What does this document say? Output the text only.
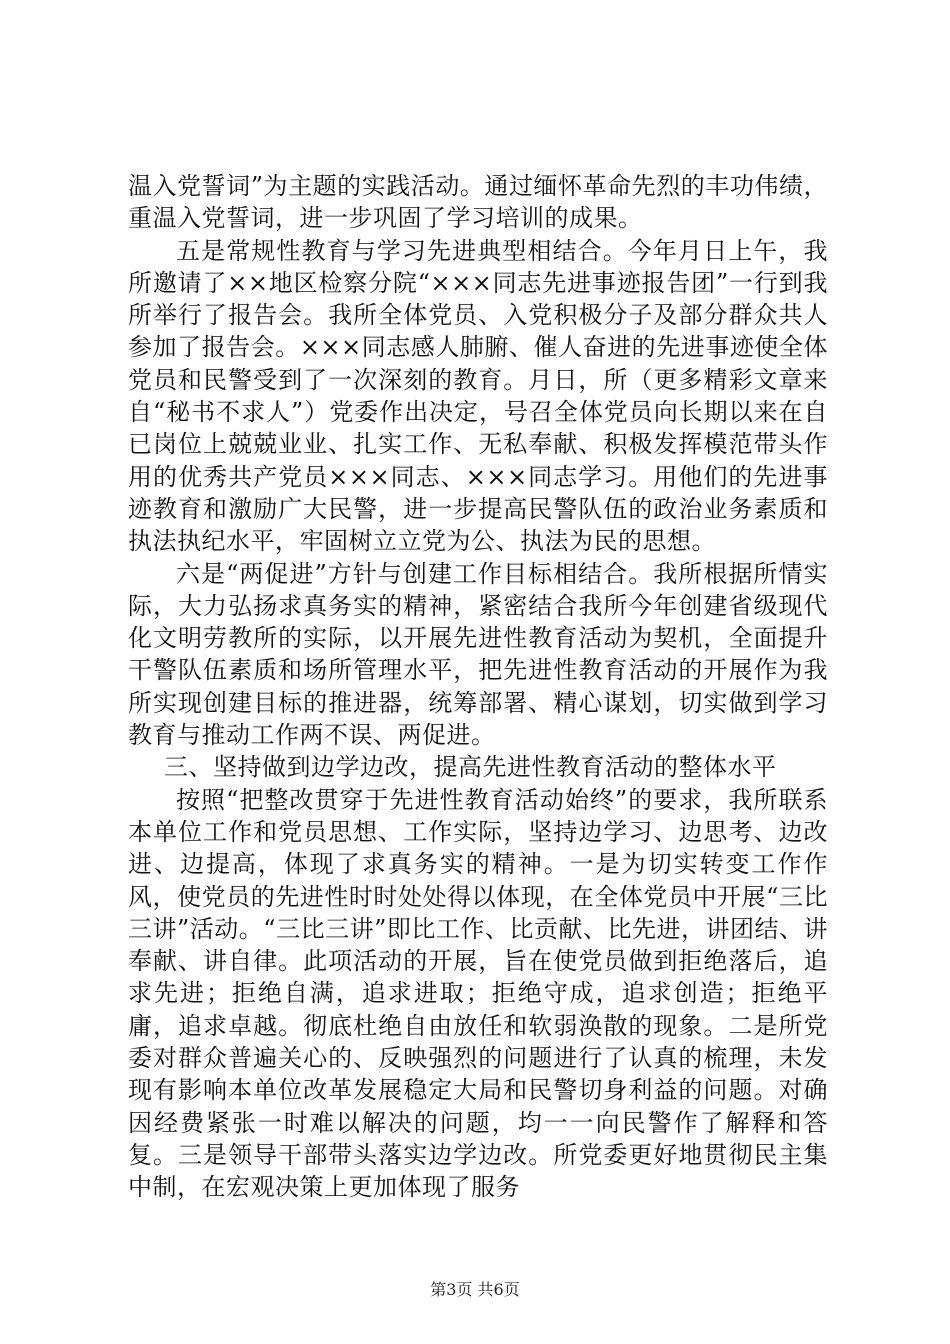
温入党誓词”为主题的实践活动。通过缅怀革命先烈的丰功伟绩，重温入党誓词，进一步巩固了学习培训的成果。

五是常规性教育与学习先进典型相结合。今年月日上午，我所邀请了××地区检察分院“×××同志先进事迹报告团”一行到我所举行了报告会。我所全体党员、入党积极分子及部分群众共人参加了报告会。×××同志感人肺腑、催人奋进的先进事迹使全体党员和民警受到了一次深刻的教育。月日，所（更多精彩文章来自“秘书不求人”）党委作出决定，号召全体党员向长期以来在自已岗位上兢兢业业、扎实工作、无私奉献、积极发挥模范带头作用的优秀共产党员×××同志、×××同志学习。用他们的先进事迹教育和激励广大民警，进一步提高民警队伍的政治业务素质和执法执纪水平，牢固树立立党为公、执法为民的思想。

六是“两促进”方针与创建工作目标相结合。我所根据所情实际，大力弘扬求真务实的精神，紧密结合我所今年创建省级现代化文明劳教所的实际，以开展先进性教育活动为契机，全面提升干警队伍素质和场所管理水平，把先进性教育活动的开展作为我所实现创建目标的推进器，统筹部署、精心谋划，切实做到学习教育与推动工作两不误、两促进。

三、坚持做到边学边改，提高先进性教育活动的整体水平

按照“把整改贯穿于先进性教育活动始终”的要求，我所联系本单位工作和党员思想、工作实际，坚持边学习、边思考、边改进、边提高，体现了求真务实的精神。一是为切实转变工作作风，使党员的先进性时时处处得以体现，在全体党员中开展“三比三讲”活动。“三比三讲”即比工作、比贡献、比先进，讲团结、讲奉献、讲自律。此项活动的开展，旨在使党员做到拒绝落后，追求先进；拒绝自满，追求进取；拒绝守成，追求创造；拒绝平庸，追求卓越。彻底杜绝自由放任和软弱涣散的现象。二是所党委对群众普遍关心的、反映强烈的问题进行了认真的梳理，未发现有影响本单位改革发展稳定大局和民警切身利益的问题。对确因经费紧张一时难以解决的问题，均一一向民警作了解释和答复。三是领导干部带头落实边学边改。所党委更好地贯彻民主集中制，在宏观决策上更加体现了服务

第3页 共6页
